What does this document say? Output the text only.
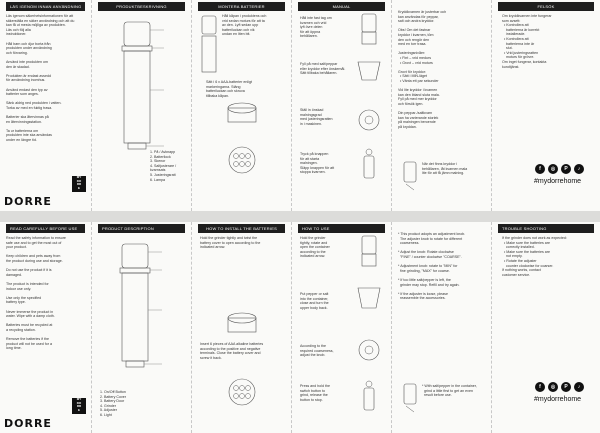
LÄS IGENOM INNAN ANVÄNDNING
Läs igenom säkerhetsinformationen för att
säkerställa en säker användning och att du
kan få ut mesta möjliga av produkten.
Läs och följ alla
instruktioner.

Håll barn och djur borta från
produkten under användning
och förvaring.

Använd inte produkten om
den är skadad.

Produkten är endast avsedd
för användning inomhus.

Använd endast den typ av
batterier som anges.

Sänk aldrig ned produkten i vatten.
Torka av med en fuktig trasa.

Batterier ska återvinnas på
en återvinningsstation.

Ta ur batterierna om
produkten inte ska användas
under en längre tid.
MY
DO
RR
E
DORRE
PRODUKTBESKRIVNING
1. På / Avknapp
2. Batterilock
3. Skenor
4. Saltjusterare / kvarnsats
5. Justeringsratt
6. Lampa
MONTERA BATTERIER
Håll kåpan i produktens och
vrid sedan moturs för att ta
av den. Lyft sedan upp
batteriluckan och vik
undan en liten bit.
Sätt i 6 x AAA-batterier enligt
markeringarna. Stäng
batteriluckan och skruva
tillbaka kåpan.
MANUAL
Håll inte fast tag om
kvarnen och vrid
lyft övre delen
för att öppna
behållaren.
Fyll på med salt/peppar
eller kryddor efter önskemål.
Sätt tillbaka behållaren.
Ställ in önskad
malningsgrad
med justeringsratten
in i maskinen.
Tryck på knappen
för att starta
malningen.
Släpp knappen för att
stoppa kvarnen.
Kryddkvarnen är justerbar och
kan användas för peppar,
salt och andra kryddor.

Obs! Om det fastnar
kryddor i kvarnen, töm
den och rengör den
med en torr trasa.

Justeringsnivåer:
• Fint – vrid medurs
• Grovt – vrid moturs

Grovt för kryddor:
• Sätt i MIN-läget
• Vänta ett par sekunder

Vid lite kryddor i kvarnen
kan den ibland sluta mala.
Fyll på med mer kryddor
och försök igen.

Din peppar-/saltkvarn
kan ha varierande storlek
på malningen beroende
på kryddan.
När det finns kryddor i
behållaren, låt kvarnen mala
lite för att få jämn malning.
FELSÖK
Om kryddkvarnen inte fungerar
som avsett:
• Kontrollera att
batterierna är korrekt
installerade.
• Kontrollera att
batterierna inte är
slut.
• Vrid justeringsratten
moturs för grövre.
Om inget fungerar, kontakta
kundtjänst.
f	◎	P	♪
#mydorrehome
READ CAREFULLY BEFORE USE
Read the safety information to ensure
safe use and to get the most out of
your product.

Keep children and pets away from
the product during use and storage.

Do not use the product if it is
damaged.

The product is intended for
indoor use only.

Use only the specified
battery type.

Never immerse the product in
water. Wipe with a damp cloth.

Batteries must be recycled at
a recycling station.

Remove the batteries if the
product will not be used for a
long time.
MY
DO
RR
E
DORRE
PRODUCT DESCRIPTION
1. On/Off Button
2. Battery Cover
3. Battery Door
4. Grinder
5. Adjuster
6. Light
HOW TO INSTALL THE BATTERIES
Hold the grinder tightly and twist the
battery cover to open according to the
indicated arrow.
Insert 6 pieces of AAA alkaline batteries
according to the positive and negative
terminals. Close the battery cover and
screw it back.
HOW TO USE
Hold the grinder
tightly, rotate and
open the container
according to the
indicated arrow.
Put pepper or salt
into the container,
close and turn the
upper body back.
According to the
required coarseness,
adjust the knob.
Press and hold the
switch button to
grind, release the
button to stop.
* This product adopts an adjustment knob.
The adjuster knob to rotate for different
coarseness.

* Adjust the knob: Rotate clockwise
"FINE" / counter clockwise "COARSE".

* Adjustment knob: rotate to "MIN" for
fine grinding, "MAX" for coarse.

* If too little salt/pepper is left, the
grinder may stop. Refill and try again.

* If the adjuster is loose, please
reassemble the accessories.
* With salt/pepper in the container,
grind a little first to get an even
result before use.
TROUBLE SHOOTING
If the grinder does not work as expected:
• Make sure the batteries are
correctly installed.
• Make sure the batteries are
not empty.
• Rotate the adjuster
counter clockwise for coarser.
If nothing works, contact
customer service.
f	◎	P	♪
#mydorrehome
